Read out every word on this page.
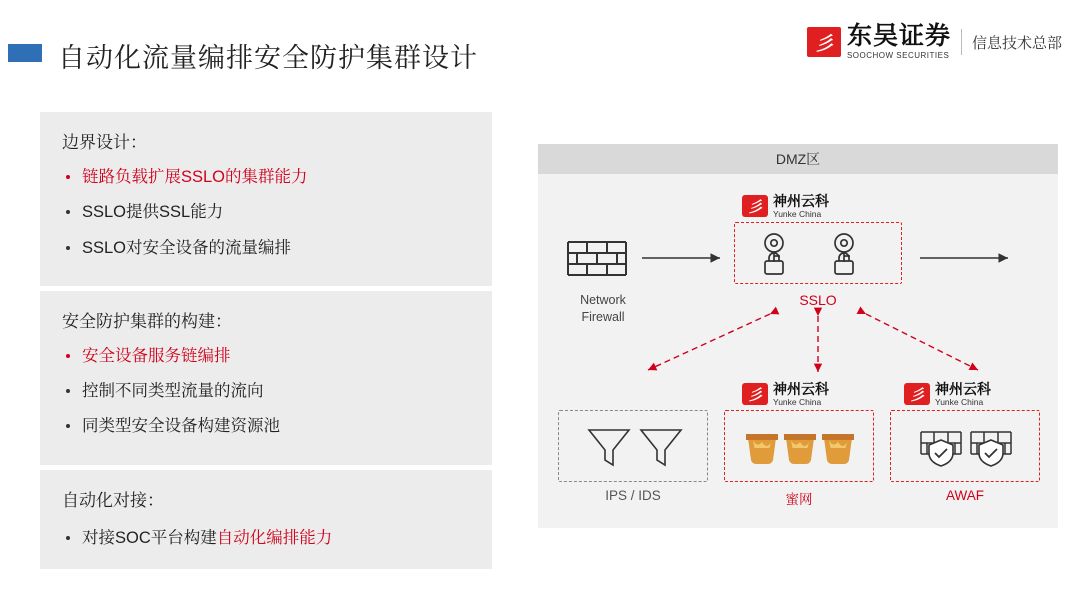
自动化流量编排安全防护集群设计	彡 东吴证券
SOOCHOW SECURITIES
信息技术总部
边界设计：
链路负载扩展SSLO的集群能力
SSLO提供SSL能力
SSLO对安全设备的流量编排
安全防护集群的构建：
安全设备服务链编排
控制不同类型流量的流向
同类型安全设备构建资源池
自动化对接：
对接SOC平台构建自动化编排能力
DMZ区
Network
Firewall
彡 神州云科
Yunke China
SSLO
彡 神州云科
Yunke China	彡 神州云科
Yunke China
IPS / IDS	蜜网	AWAF
